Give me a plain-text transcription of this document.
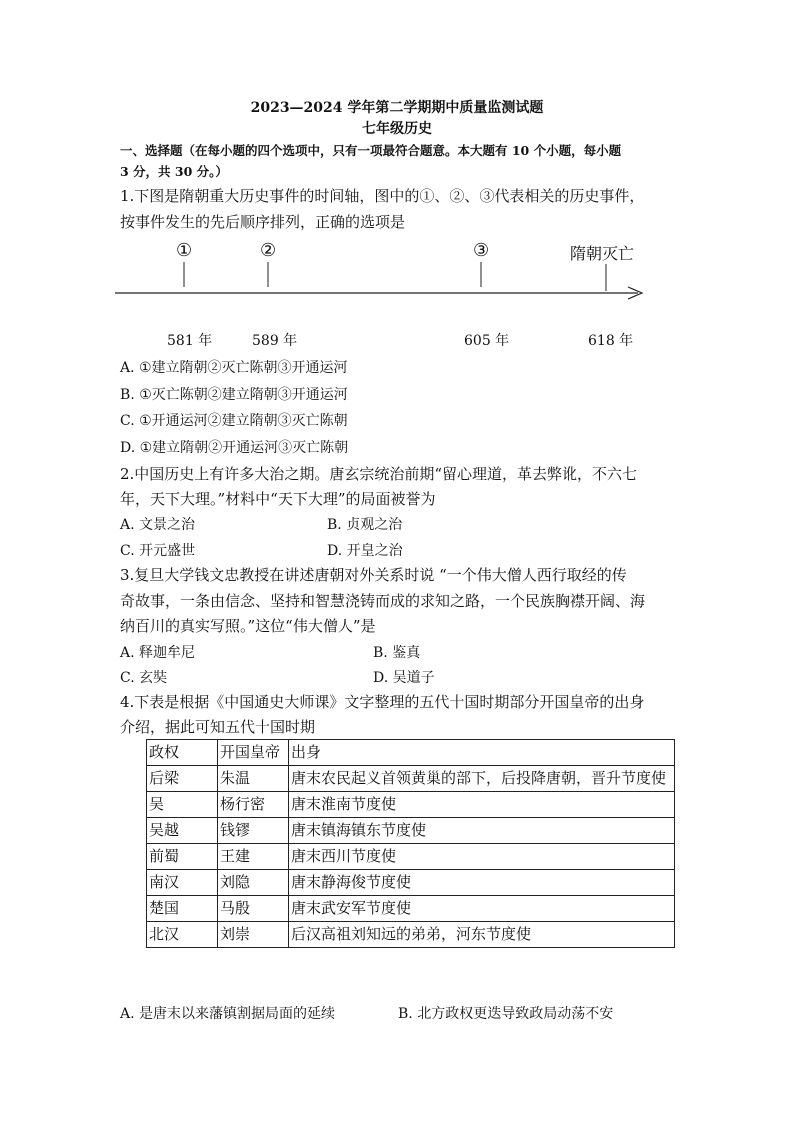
2023—2024 学年第二学期期中质量监测试题
七年级历史
一、选择题（在每小题的四个选项中，只有一项最符合题意。本大题有 10 个小题，每小题
3 分，共 30 分。）
1.下图是隋朝重大历史事件的时间轴，图中的①、②、③代表相关的历史事件，
按事件发生的先后顺序排列，正确的选项是
①	②	③	隋朝灭亡
581 年	589 年	605 年	618 年
A. ①建立隋朝②灭亡陈朝③开通运河
B. ①灭亡陈朝②建立隋朝③开通运河
C. ①开通运河②建立隋朝③灭亡陈朝
D. ①建立隋朝②开通运河③灭亡陈朝
2.中国历史上有许多大治之期。唐玄宗统治前期“留心理道，革去弊讹，不六七
年，天下大理。”材料中“天下大理”的局面被誉为
A. 文景之治	B. 贞观之治
C. 开元盛世	D. 开皇之治
3.复旦大学钱文忠教授在讲述唐朝对外关系时说 “一个伟大僧人西行取经的传
奇故事，一条由信念、坚持和智慧浇铸而成的求知之路，一个民族胸襟开阔、海
纳百川的真实写照。”这位“伟大僧人”是
A. 释迦牟尼	B. 鉴真
C. 玄奘	D. 吴道子
4.下表是根据《中国通史大师课》文字整理的五代十国时期部分开国皇帝的出身
介绍，据此可知五代十国时期
政权	开国皇帝	出身
后梁	朱温	唐末农民起义首领黄巢的部下，后投降唐朝，晋升节度使
吴	杨行密	唐末淮南节度使
吴越	钱镠	唐末镇海镇东节度使
前蜀	王建	唐末西川节度使
南汉	刘隐	唐末静海俊节度使
楚国	马殷	唐末武安军节度使
北汉	刘崇	后汉高祖刘知远的弟弟，河东节度使
A. 是唐末以来藩镇割据局面的延续	B. 北方政权更迭导致政局动荡不安
